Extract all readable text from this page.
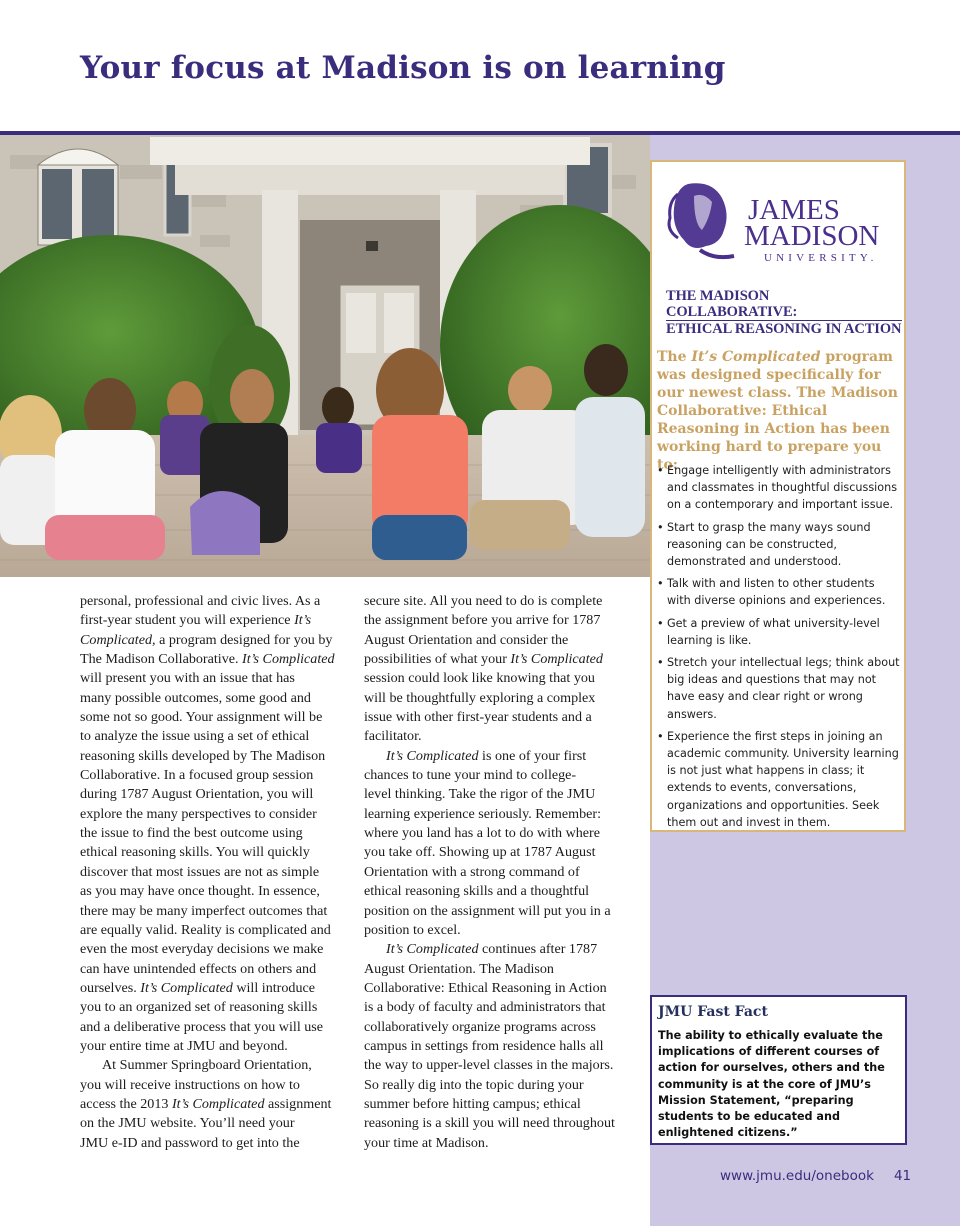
Your focus at Madison is on learning
JAMES
MADISON
UNIVERSITY.
THE MADISON COLLABORATIVE:
ETHICAL REASONING IN ACTION

The It’s Complicated program was designed specifically for our newest class. The Madison Collaborative: Ethical Reasoning in Action has been working hard to prepare you to:

• Engage intelligently with administrators and classmates in thoughtful discussions on a contemporary and important issue.
• Start to grasp the many ways sound reasoning can be constructed, demonstrated and understood.
• Talk with and listen to other students with diverse opinions and experiences.
• Get a preview of what university-level learning is like.
• Stretch your intellectual legs; think about big ideas and questions that may not have easy and clear right or wrong answers.
• Experience the first steps in joining an academic community. University learning is not just what happens in class; it extends to events, conversations, organizations and opportunities. Seek them out and invest in them.

JMU Fast Fact

The ability to ethically evaluate the implications of different courses of action for ourselves, others and the community is at the core of JMU’s Mission Statement, “preparing students to be educated and enlightened citizens.”

personal, professional and civic lives. As a
first-year student you will experience It’s
Complicated, a program designed for you by
The Madison Collaborative. It’s Complicated
will present you with an issue that has
many possible outcomes, some good and
some not so good. Your assignment will be
to analyze the issue using a set of ethical
reasoning skills developed by The Madison
Collaborative. In a focused group session
during 1787 August Orientation, you will
explore the many perspectives to consider
the issue to find the best outcome using
ethical reasoning skills. You will quickly
discover that most issues are not as simple
as you may have once thought. In essence,
there may be many imperfect outcomes that
are equally valid. Reality is complicated and
even the most everyday decisions we make
can have unintended effects on others and
ourselves. It’s Complicated will introduce
you to an organized set of reasoning skills
and a deliberative process that you will use
your entire time at JMU and beyond.
At Summer Springboard Orientation,
you will receive instructions on how to
access the 2013 It’s Complicated assignment
on the JMU website. You’ll need your
JMU e-ID and password to get into the
secure site. All you need to do is complete
the assignment before you arrive for 1787
August Orientation and consider the
possibilities of what your It’s Complicated
session could look like knowing that you
will be thoughtfully exploring a complex
issue with other first-year students and a
facilitator.
It’s Complicated is one of your first
chances to tune your mind to college-
level thinking. Take the rigor of the JMU
learning experience seriously. Remember:
where you land has a lot to do with where
you take off. Showing up at 1787 August
Orientation with a strong command of
ethical reasoning skills and a thoughtful
position on the assignment will put you in a
position to excel.
It’s Complicated continues after 1787
August Orientation. The Madison
Collaborative: Ethical Reasoning in Action
is a body of faculty and administrators that
collaboratively organize programs across
campus in settings from residence halls all
the way to upper-level classes in the majors.
So really dig into the topic during your
summer before hitting campus; ethical
reasoning is a skill you will need throughout
your time at Madison.
www.jmu.edu/onebook 41
